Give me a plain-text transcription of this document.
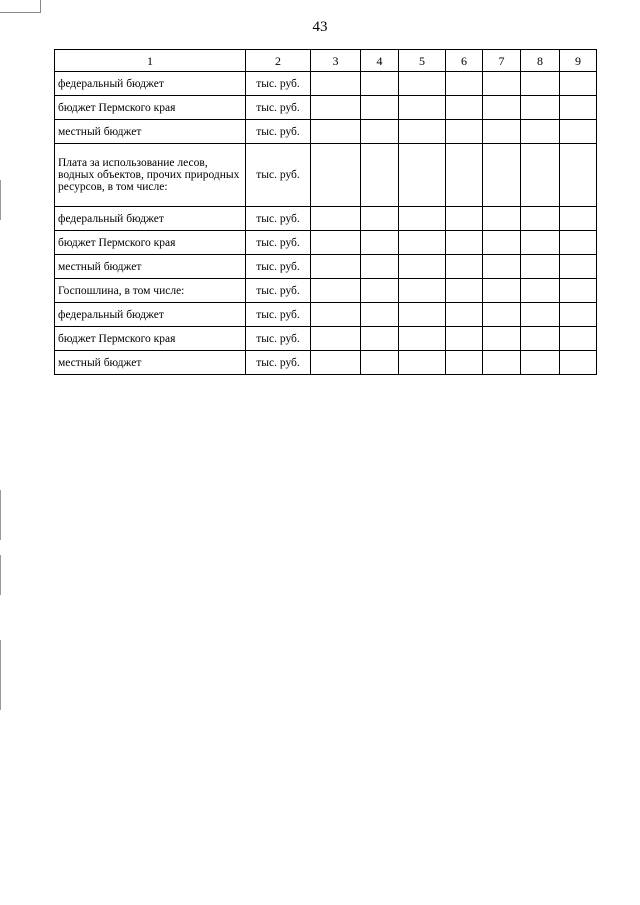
43
1	2	3	4	5	6	7	8	9
федеральный бюджет	тыс. руб.							
бюджет Пермского края	тыс. руб.							
местный бюджет	тыс. руб.							
Плата за использование лесов, водных объектов, прочих природных ресурсов, в том числе:	тыс. руб.							
федеральный бюджет	тыс. руб.							
бюджет Пермского края	тыс. руб.							
местный бюджет	тыс. руб.							
Госпошлина, в том числе:	тыс. руб.							
федеральный бюджет	тыс. руб.							
бюджет Пермского края	тыс. руб.							
местный бюджет	тыс. руб.							
